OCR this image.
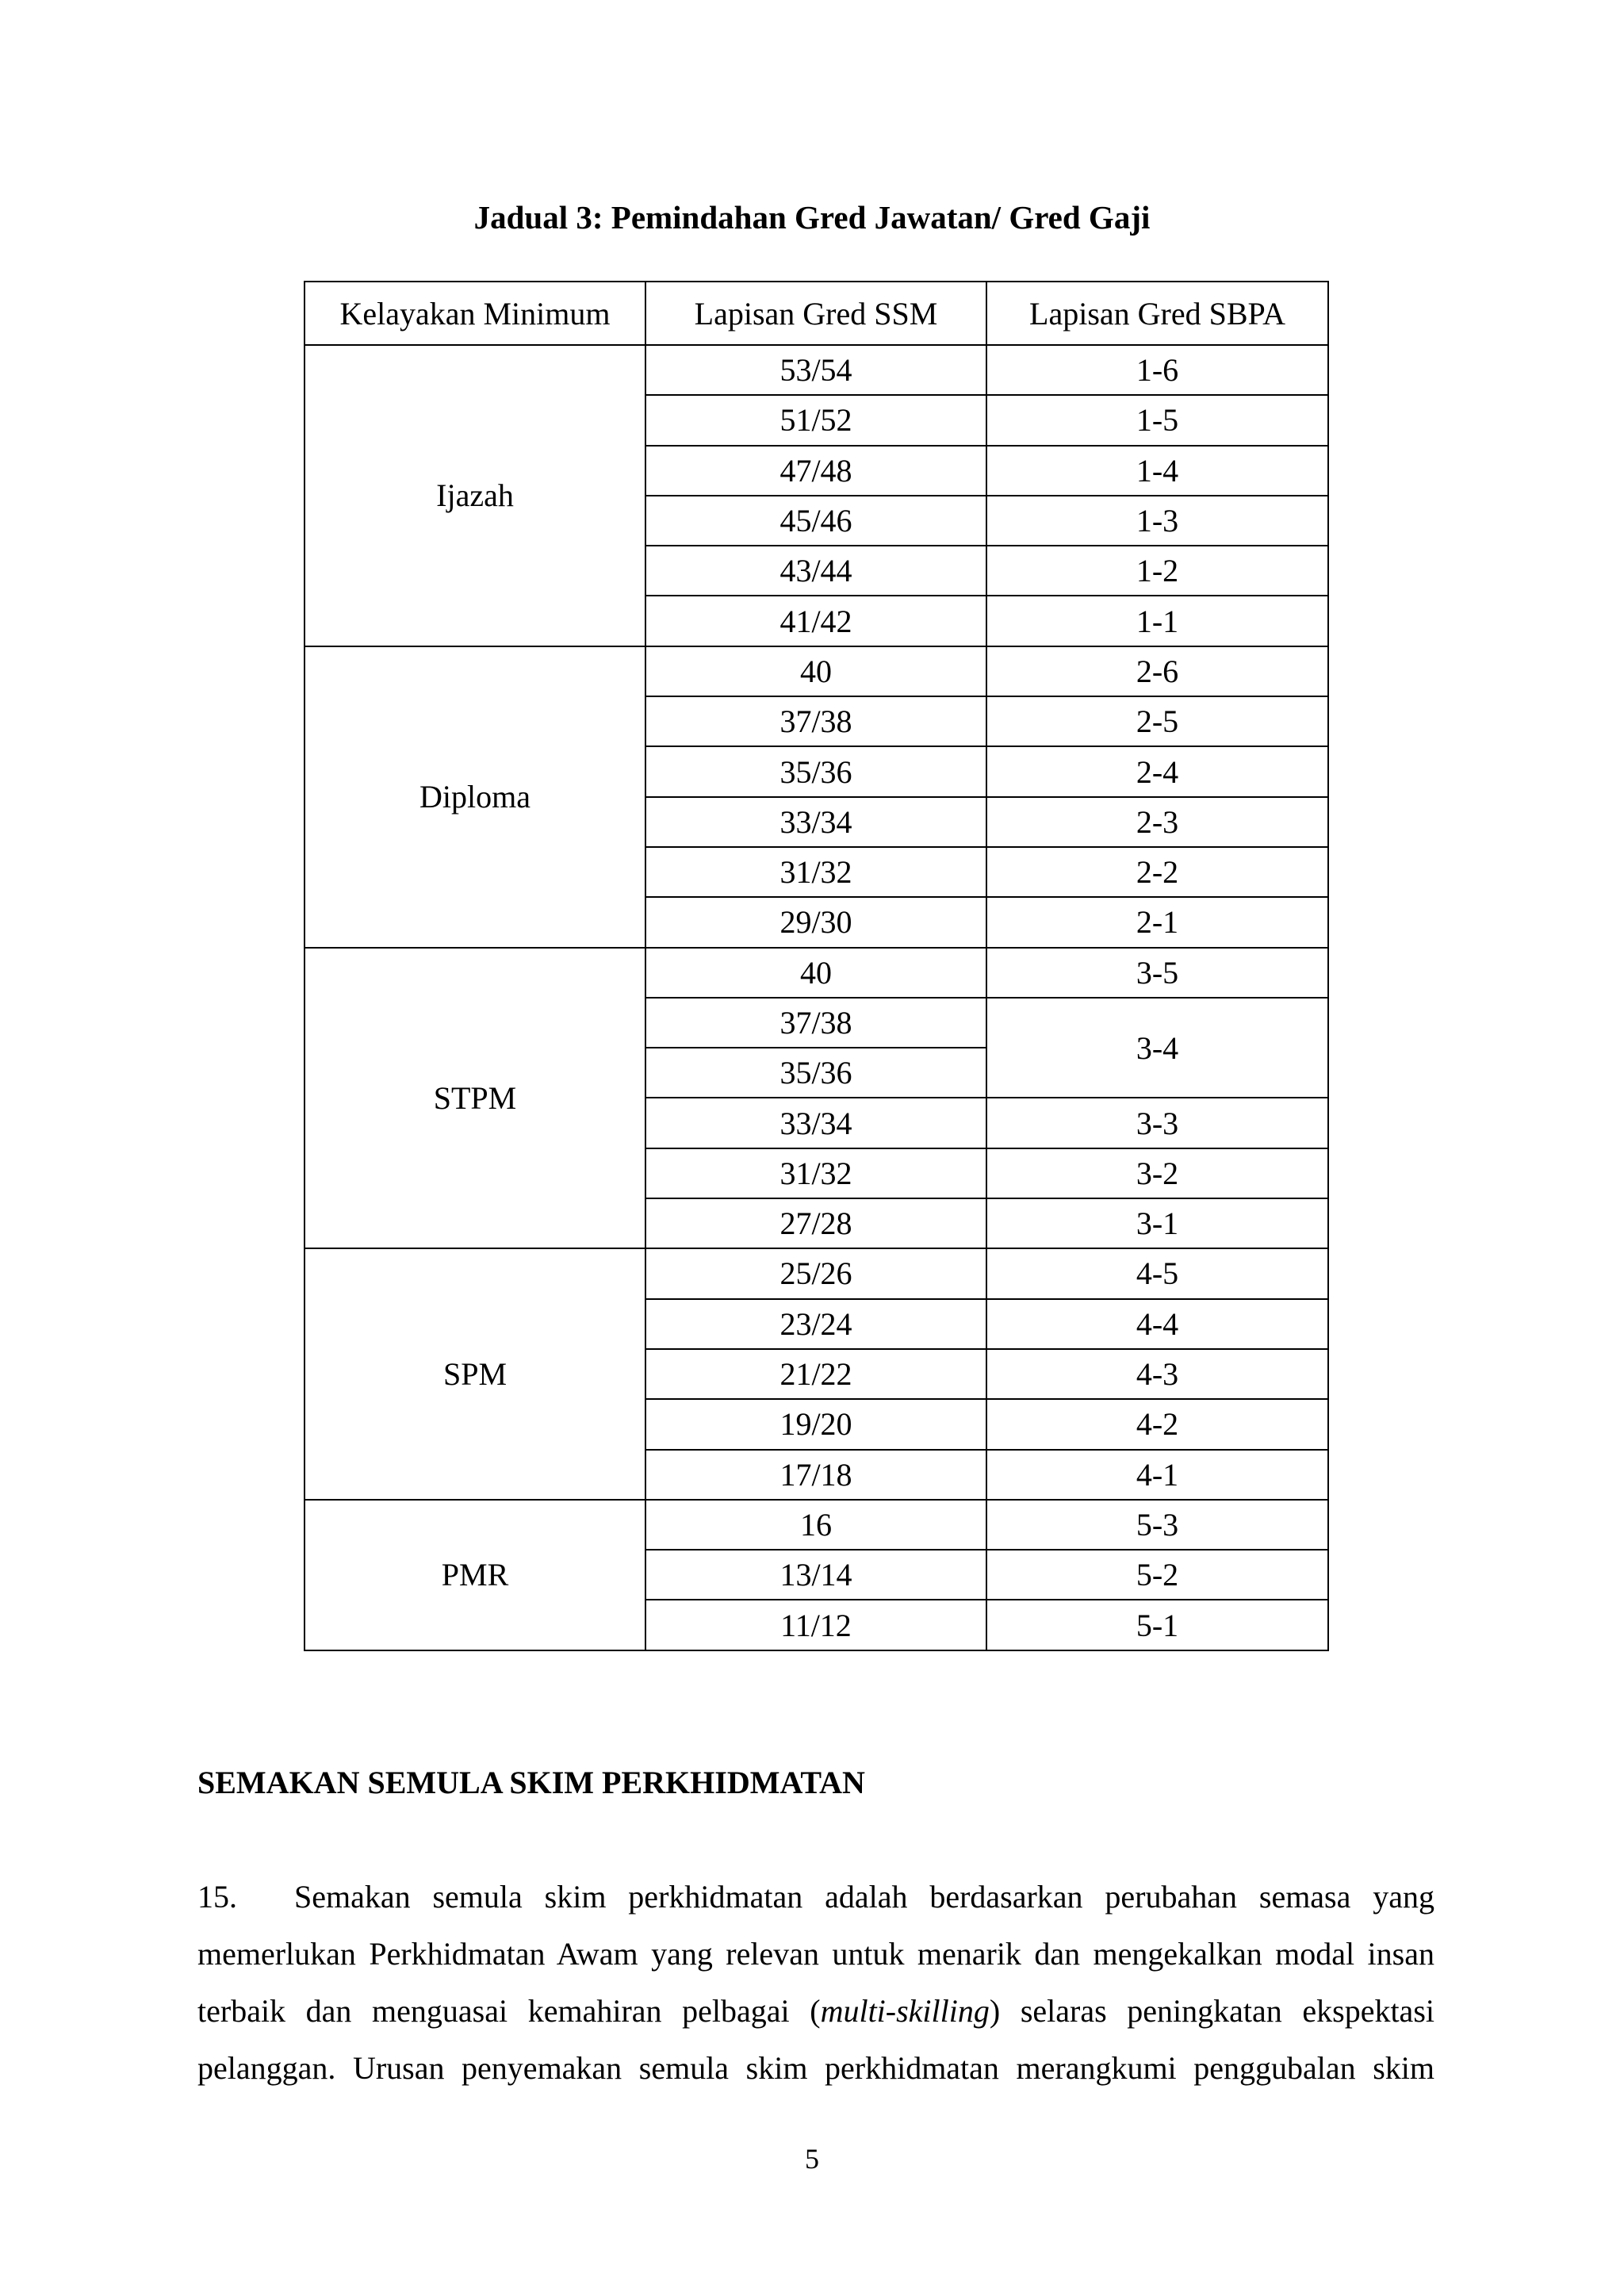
Jadual 3: Pemindahan Gred Jawatan/ Gred Gaji
Kelayakan Minimum	Lapisan Gred SSM	Lapisan Gred SBPA
Ijazah	53/54	1-6
	51/52	1-5
	47/48	1-4
	45/46	1-3
	43/44	1-2
	41/42	1-1
Diploma	40	2-6
	37/38	2-5
	35/36	2-4
	33/34	2-3
	31/32	2-2
	29/30	2-1
STPM	40	3-5
	37/38	3-4
	35/36	
	33/34	3-3
	31/32	3-2
	27/28	3-1
SPM	25/26	4-5
	23/24	4-4
	21/22	4-3
	19/20	4-2
	17/18	4-1
PMR	16	5-3
	13/14	5-2
	11/12	5-1
SEMAKAN SEMULA SKIM PERKHIDMATAN
15. Semakan semula skim perkhidmatan adalah berdasarkan perubahan semasa yang
memerlukan Perkhidmatan Awam yang relevan untuk menarik dan mengekalkan modal insan
terbaik dan menguasai kemahiran pelbagai (multi-skilling) selaras peningkatan ekspektasi
pelanggan. Urusan penyemakan semula skim perkhidmatan merangkumi penggubalan skim
5
